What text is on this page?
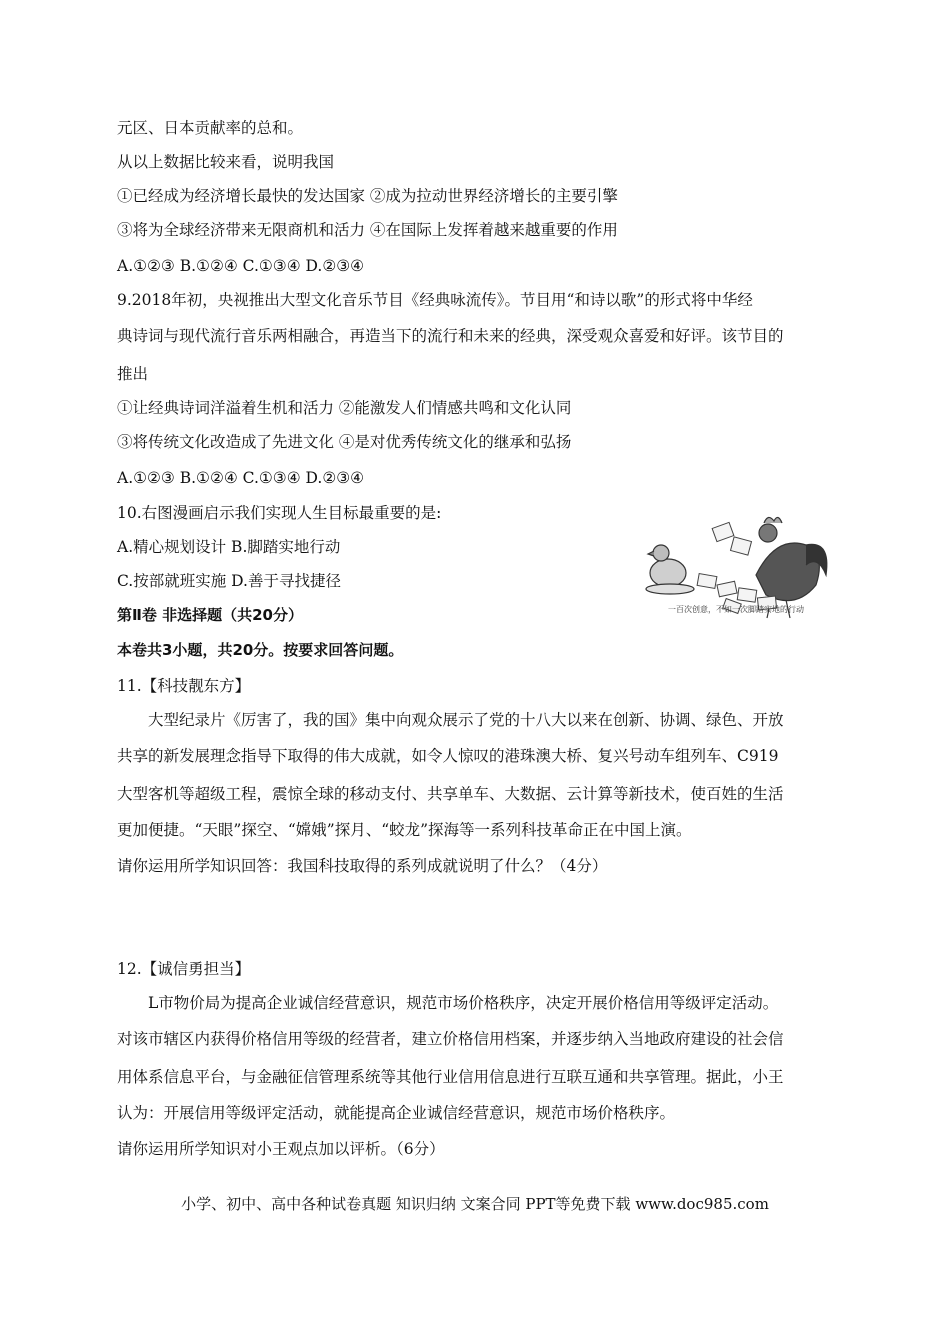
元区、日本贡献率的总和。
从以上数据比较来看，说明我国
①已经成为经济增长最快的发达国家 ②成为拉动世界经济增长的主要引擎
③将为全球经济带来无限商机和活力 ④在国际上发挥着越来越重要的作用
A.①②③ B.①②④ C.①③④ D.②③④
9.2018年初，央视推出大型文化音乐节目《经典咏流传》。节目用“和诗以歌”的形式将中华经
典诗词与现代流行音乐两相融合，再造当下的流行和未来的经典，深受观众喜爱和好评。该节目的
推出
①让经典诗词洋溢着生机和活力 ②能激发人们情感共鸣和文化认同
③将传统文化改造成了先进文化 ④是对优秀传统文化的继承和弘扬
A.①②③ B.①②④ C.①③④ D.②③④
10.右图漫画启示我们实现人生目标最重要的是:
A.精心规划设计 B.脚踏实地行动
C.按部就班实施 D.善于寻找捷径
一百次创意，不如一次脚踏实地的行动
第Ⅱ卷 非选择题（共20分）
本卷共3小题，共20分。按要求回答问题。
11.【科技靓东方】
大型纪录片《厉害了，我的国》集中向观众展示了党的十八大以来在创新、协调、绿色、开放
共享的新发展理念指导下取得的伟大成就，如令人惊叹的港珠澳大桥、复兴号动车组列车、C919
大型客机等超级工程，震惊全球的移动支付、共享单车、大数据、云计算等新技术，使百姓的生活
更加便捷。“天眼”探空、“嫦娥”探月、“蛟龙”探海等一系列科技革命正在中国上演。
请你运用所学知识回答：我国科技取得的系列成就说明了什么？（4分）
12.【诚信勇担当】
L市物价局为提高企业诚信经营意识，规范市场价格秩序，决定开展价格信用等级评定活动。
对该市辖区内获得价格信用等级的经营者，建立价格信用档案，并逐步纳入当地政府建设的社会信
用体系信息平台，与金融征信管理系统等其他行业信用信息进行互联互通和共享管理。据此，小王
认为：开展信用等级评定活动，就能提高企业诚信经营意识，规范市场价格秩序。
请你运用所学知识对小王观点加以评析。（6分）
小学、初中、高中各种试卷真题 知识归纳 文案合同 PPT等免费下载 www.doc985.com
